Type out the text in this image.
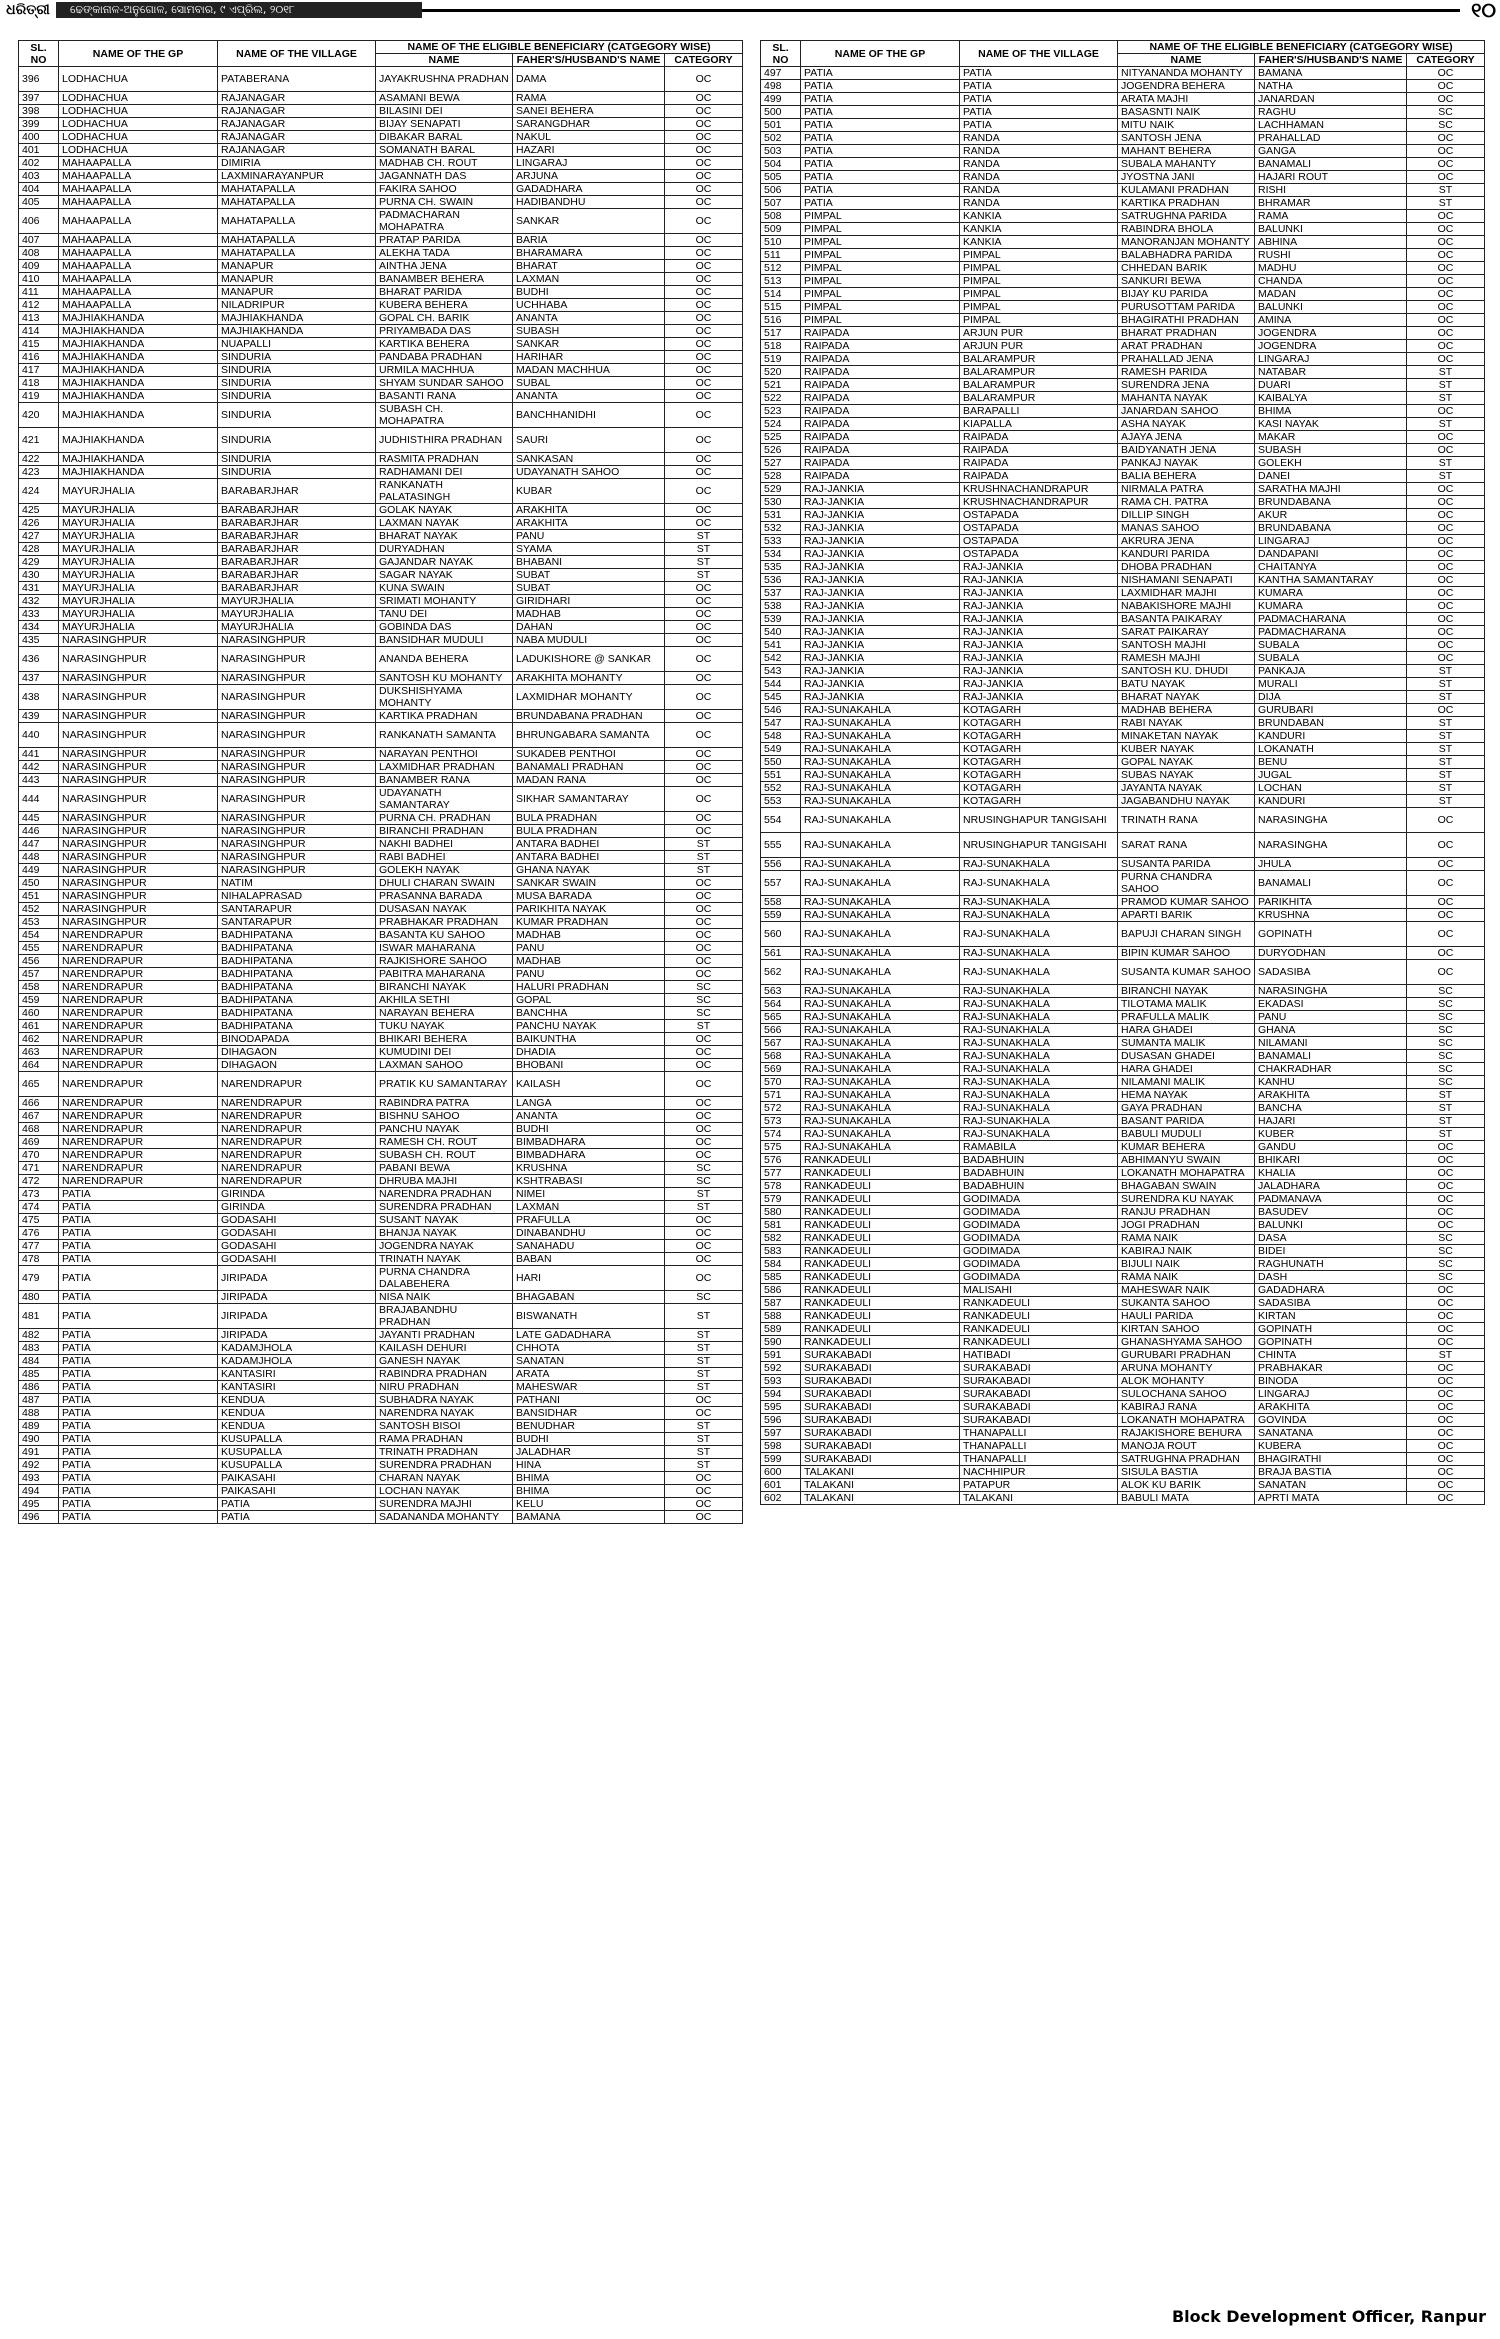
ଧରିତ୍ରୀ	ଢେଙ୍କାନାଳ-ଅନୁଗୋଳ, ସୋମବାର, ୯ ଏପ୍ରିଲ, ୨୦୧୮	୧୦
SL. NO	NAME OF THE GP	NAME OF THE VILLAGE	NAME OF THE ELIGIBLE BENEFICIARY (CATGEGORY WISE)		
			NAME	FAHER'S/HUSBAND'S NAME	CATEGORY
396	LODHACHUA	PATABERANA	JAYAKRUSHNA PRADHAN	DAMA	OC
397	LODHACHUA	RAJANAGAR	ASAMANI BEWA	RAMA	OC
398	LODHACHUA	RAJANAGAR	BILASINI DEI	SANEI BEHERA	OC
399	LODHACHUA	RAJANAGAR	BIJAY SENAPATI	SARANGDHAR	OC
400	LODHACHUA	RAJANAGAR	DIBAKAR BARAL	NAKUL	OC
401	LODHACHUA	RAJANAGAR	SOMANATH BARAL	HAZARI	OC
402	MAHAAPALLA	DIMIRIA	MADHAB CH. ROUT	LINGARAJ	OC
403	MAHAAPALLA	LAXMINARAYANPUR	JAGANNATH DAS	ARJUNA	OC
404	MAHAAPALLA	MAHATAPALLA	FAKIRA SAHOO	GADADHARA	OC
405	MAHAAPALLA	MAHATAPALLA	PURNA CH. SWAIN	HADIBANDHU	OC
406	MAHAAPALLA	MAHATAPALLA	PADMACHARAN MOHAPATRA	SANKAR	OC
407	MAHAAPALLA	MAHATAPALLA	PRATAP PARIDA	BARIA	OC
408	MAHAAPALLA	MAHATAPALLA	ALEKHA TADA	BHARAMARA	OC
409	MAHAAPALLA	MANAPUR	AINTHA JENA	BHARAT	OC
410	MAHAAPALLA	MANAPUR	BANAMBER BEHERA	LAXMAN	OC
411	MAHAAPALLA	MANAPUR	BHARAT PARIDA	BUDHI	OC
412	MAHAAPALLA	NILADRIPUR	KUBERA BEHERA	UCHHABA	OC
413	MAJHIAKHANDA	MAJHIAKHANDA	GOPAL CH. BARIK	ANANTA	OC
414	MAJHIAKHANDA	MAJHIAKHANDA	PRIYAMBADA DAS	SUBASH	OC
415	MAJHIAKHANDA	NUAPALLI	KARTIKA BEHERA	SANKAR	OC
416	MAJHIAKHANDA	SINDURIA	PANDABA PRADHAN	HARIHAR	OC
417	MAJHIAKHANDA	SINDURIA	URMILA MACHHUA	MADAN MACHHUA	OC
418	MAJHIAKHANDA	SINDURIA	SHYAM SUNDAR SAHOO	SUBAL	OC
419	MAJHIAKHANDA	SINDURIA	BASANTI RANA	ANANTA	OC
420	MAJHIAKHANDA	SINDURIA	SUBASH CH. MOHAPATRA	BANCHHANIDHI	OC
421	MAJHIAKHANDA	SINDURIA	JUDHISTHIRA PRADHAN	SAURI	OC
422	MAJHIAKHANDA	SINDURIA	RASMITA PRADHAN	SANKASAN	OC
423	MAJHIAKHANDA	SINDURIA	RADHAMANI DEI	UDAYANATH SAHOO	OC
424	MAYURJHALIA	BARABARJHAR	RANKANATH PALATASINGH	KUBAR	OC
425	MAYURJHALIA	BARABARJHAR	GOLAK NAYAK	ARAKHITA	OC
426	MAYURJHALIA	BARABARJHAR	LAXMAN NAYAK	ARAKHITA	OC
427	MAYURJHALIA	BARABARJHAR	BHARAT NAYAK	PANU	ST
428	MAYURJHALIA	BARABARJHAR	DURYADHAN	SYAMA	ST
429	MAYURJHALIA	BARABARJHAR	GAJANDAR NAYAK	BHABANI	ST
430	MAYURJHALIA	BARABARJHAR	SAGAR NAYAK	SUBAT	ST
431	MAYURJHALIA	BARABARJHAR	KUNA SWAIN	SUBAT	OC
432	MAYURJHALIA	MAYURJHALIA	SRIMATI MOHANTY	GIRIDHARI	OC
433	MAYURJHALIA	MAYURJHALIA	TANU DEI	MADHAB	OC
434	MAYURJHALIA	MAYURJHALIA	GOBINDA DAS	DAHAN	OC
435	NARASINGHPUR	NARASINGHPUR	BANSIDHAR MUDULI	NABA MUDULI	OC
436	NARASINGHPUR	NARASINGHPUR	ANANDA BEHERA	LADUKISHORE @ SANKAR	OC
437	NARASINGHPUR	NARASINGHPUR	SANTOSH KU MOHANTY	ARAKHITA MOHANTY	OC
438	NARASINGHPUR	NARASINGHPUR	DUKSHISHYAMA MOHANTY	LAXMIDHAR MOHANTY	OC
439	NARASINGHPUR	NARASINGHPUR	KARTIKA PRADHAN	BRUNDABANA PRADHAN	OC
440	NARASINGHPUR	NARASINGHPUR	RANKANATH SAMANTA	BHRUNGABARA SAMANTA	OC
441	NARASINGHPUR	NARASINGHPUR	NARAYAN PENTHOI	SUKADEB PENTHOI	OC
442	NARASINGHPUR	NARASINGHPUR	LAXMIDHAR PRADHAN	BANAMALI PRADHAN	OC
443	NARASINGHPUR	NARASINGHPUR	BANAMBER RANA	MADAN RANA	OC
444	NARASINGHPUR	NARASINGHPUR	UDAYANATH SAMANTARAY	SIKHAR SAMANTARAY	OC
445	NARASINGHPUR	NARASINGHPUR	PURNA CH. PRADHAN	BULA PRADHAN	OC
446	NARASINGHPUR	NARASINGHPUR	BIRANCHI PRADHAN	BULA PRADHAN	OC
447	NARASINGHPUR	NARASINGHPUR	NAKHI BADHEI	ANTARA BADHEI	ST
448	NARASINGHPUR	NARASINGHPUR	RABI BADHEI	ANTARA BADHEI	ST
449	NARASINGHPUR	NARASINGHPUR	GOLEKH NAYAK	GHANA NAYAK	ST
450	NARASINGHPUR	NATIM	DHULI CHARAN SWAIN	SANKAR SWAIN	OC
451	NARASINGHPUR	NIHALAPRASAD	PRASANNA BARADA	MUSA BARADA	OC
452	NARASINGHPUR	SANTARAPUR	DUSASAN NAYAK	PARIKHITA NAYAK	OC
453	NARASINGHPUR	SANTARAPUR	PRABHAKAR PRADHAN	KUMAR PRADHAN	OC
454	NARENDRAPUR	BADHIPATANA	BASANTA KU SAHOO	MADHAB	OC
455	NARENDRAPUR	BADHIPATANA	ISWAR MAHARANA	PANU	OC
456	NARENDRAPUR	BADHIPATANA	RAJKISHORE SAHOO	MADHAB	OC
457	NARENDRAPUR	BADHIPATANA	PABITRA MAHARANA	PANU	OC
458	NARENDRAPUR	BADHIPATANA	BIRANCHI NAYAK	HALURI PRADHAN	SC
459	NARENDRAPUR	BADHIPATANA	AKHILA SETHI	GOPAL	SC
460	NARENDRAPUR	BADHIPATANA	NARAYAN BEHERA	BANCHHA	SC
461	NARENDRAPUR	BADHIPATANA	TUKU NAYAK	PANCHU NAYAK	ST
462	NARENDRAPUR	BINODAPADA	BHIKARI BEHERA	BAIKUNTHA	OC
463	NARENDRAPUR	DIHAGAON	KUMUDINI DEI	DHADIA	OC
464	NARENDRAPUR	DIHAGAON	LAXMAN SAHOO	BHOBANI	OC
465	NARENDRAPUR	NARENDRAPUR	PRATIK KU SAMANTARAY	KAILASH	OC
466	NARENDRAPUR	NARENDRAPUR	RABINDRA PATRA	LANGA	OC
467	NARENDRAPUR	NARENDRAPUR	BISHNU SAHOO	ANANTA	OC
468	NARENDRAPUR	NARENDRAPUR	PANCHU NAYAK	BUDHI	OC
469	NARENDRAPUR	NARENDRAPUR	RAMESH CH. ROUT	BIMBADHARA	OC
470	NARENDRAPUR	NARENDRAPUR	SUBASH CH. ROUT	BIMBADHARA	OC
471	NARENDRAPUR	NARENDRAPUR	PABANI BEWA	KRUSHNA	SC
472	NARENDRAPUR	NARENDRAPUR	DHRUBA MAJHI	KSHTRABASI	SC
473	PATIA	GIRINDA	NARENDRA PRADHAN	NIMEI	ST
474	PATIA	GIRINDA	SURENDRA PRADHAN	LAXMAN	ST
475	PATIA	GODASAHI	SUSANT NAYAK	PRAFULLA	OC
476	PATIA	GODASAHI	BHANJA NAYAK	DINABANDHU	OC
477	PATIA	GODASAHI	JOGENDRA NAYAK	SANAHADU	OC
478	PATIA	GODASAHI	TRINATH NAYAK	BABAN	OC
479	PATIA	JIRIPADA	PURNA CHANDRA DALABEHERA	HARI	OC
480	PATIA	JIRIPADA	NISA NAIK	BHAGABAN	SC
481	PATIA	JIRIPADA	BRAJABANDHU PRADHAN	BISWANATH	ST
482	PATIA	JIRIPADA	JAYANTI PRADHAN	LATE GADADHARA	ST
483	PATIA	KADAMJHOLA	KAILASH DEHURI	CHHOTA	ST
484	PATIA	KADAMJHOLA	GANESH NAYAK	SANATAN	ST
485	PATIA	KANTASIRI	RABINDRA PRADHAN	ARATA	ST
486	PATIA	KANTASIRI	NIRU PRADHAN	MAHESWAR	ST
487	PATIA	KENDUA	SUBHADRA NAYAK	PATHANI	OC
488	PATIA	KENDUA	NARENDRA NAYAK	BANSIDHAR	OC
489	PATIA	KENDUA	SANTOSH BISOI	BENUDHAR	ST
490	PATIA	KUSUPALLA	RAMA PRADHAN	BUDHI	ST
491	PATIA	KUSUPALLA	TRINATH PRADHAN	JALADHAR	ST
492	PATIA	KUSUPALLA	SURENDRA PRADHAN	HINA	ST
493	PATIA	PAIKASAHI	CHARAN NAYAK	BHIMA	OC
494	PATIA	PAIKASAHI	LOCHAN NAYAK	BHIMA	OC
495	PATIA	PATIA	SURENDRA MAJHI	KELU	OC
496	PATIA	PATIA	SADANANDA MOHANTY	BAMANA	OC
SL. NO	NAME OF THE GP	NAME OF THE VILLAGE	NAME OF THE ELIGIBLE BENEFICIARY (CATGEGORY WISE)		
			NAME	FAHER'S/HUSBAND'S NAME	CATEGORY
497	PATIA	PATIA	NITYANANDA MOHANTY	BAMANA	OC
498	PATIA	PATIA	JOGENDRA BEHERA	NATHA	OC
499	PATIA	PATIA	ARATA MAJHI	JANARDAN	OC
500	PATIA	PATIA	BASASNTI NAIK	RAGHU	SC
501	PATIA	PATIA	MITU NAIK	LACHHAMAN	SC
502	PATIA	RANDA	SANTOSH JENA	PRAHALLAD	OC
503	PATIA	RANDA	MAHANT BEHERA	GANGA	OC
504	PATIA	RANDA	SUBALA MAHANTY	BANAMALI	OC
505	PATIA	RANDA	JYOSTNA JANI	HAJARI ROUT	OC
506	PATIA	RANDA	KULAMANI PRADHAN	RISHI	ST
507	PATIA	RANDA	KARTIKA PRADHAN	BHRAMAR	ST
508	PIMPAL	KANKIA	SATRUGHNA PARIDA	RAMA	OC
509	PIMPAL	KANKIA	RABINDRA BHOLA	BALUNKI	OC
510	PIMPAL	KANKIA	MANORANJAN MOHANTY	ABHINA	OC
511	PIMPAL	PIMPAL	BALABHADRA PARIDA	RUSHI	OC
512	PIMPAL	PIMPAL	CHHEDAN BARIK	MADHU	OC
513	PIMPAL	PIMPAL	SANKURI BEWA	CHANDA	OC
514	PIMPAL	PIMPAL	BIJAY KU PARIDA	MADAN	OC
515	PIMPAL	PIMPAL	PURUSOTTAM PARIDA	BALUNKI	OC
516	PIMPAL	PIMPAL	BHAGIRATHI PRADHAN	AMINA	OC
517	RAIPADA	ARJUN PUR	BHARAT PRADHAN	JOGENDRA	OC
518	RAIPADA	ARJUN PUR	ARAT PRADHAN	JOGENDRA	OC
519	RAIPADA	BALARAMPUR	PRAHALLAD JENA	LINGARAJ	OC
520	RAIPADA	BALARAMPUR	RAMESH PARIDA	NATABAR	ST
521	RAIPADA	BALARAMPUR	SURENDRA JENA	DUARI	ST
522	RAIPADA	BALARAMPUR	MAHANTA NAYAK	KAIBALYA	ST
523	RAIPADA	BARAPALLI	JANARDAN SAHOO	BHIMA	OC
524	RAIPADA	KIAPALLA	ASHA NAYAK	KASI NAYAK	ST
525	RAIPADA	RAIPADA	AJAYA JENA	MAKAR	OC
526	RAIPADA	RAIPADA	BAIDYANATH JENA	SUBASH	OC
527	RAIPADA	RAIPADA	PANKAJ NAYAK	GOLEKH	ST
528	RAIPADA	RAIPADA	BALIA BEHERA	DANEI	ST
529	RAJ-JANKIA	KRUSHNACHANDRAPUR	NIRMALA PATRA	SARATHA MAJHI	OC
530	RAJ-JANKIA	KRUSHNACHANDRAPUR	RAMA CH. PATRA	BRUNDABANA	OC
531	RAJ-JANKIA	OSTAPADA	DILLIP SINGH	AKUR	OC
532	RAJ-JANKIA	OSTAPADA	MANAS SAHOO	BRUNDABANA	OC
533	RAJ-JANKIA	OSTAPADA	AKRURA JENA	LINGARAJ	OC
534	RAJ-JANKIA	OSTAPADA	KANDURI PARIDA	DANDAPANI	OC
535	RAJ-JANKIA	RAJ-JANKIA	DHOBA PRADHAN	CHAITANYA	OC
536	RAJ-JANKIA	RAJ-JANKIA	NISHAMANI SENAPATI	KANTHA SAMANTARAY	OC
537	RAJ-JANKIA	RAJ-JANKIA	LAXMIDHAR MAJHI	KUMARA	OC
538	RAJ-JANKIA	RAJ-JANKIA	NABAKISHORE MAJHI	KUMARA	OC
539	RAJ-JANKIA	RAJ-JANKIA	BASANTA PAIKARAY	PADMACHARANA	OC
540	RAJ-JANKIA	RAJ-JANKIA	SARAT PAIKARAY	PADMACHARANA	OC
541	RAJ-JANKIA	RAJ-JANKIA	SANTOSH MAJHI	SUBALA	OC
542	RAJ-JANKIA	RAJ-JANKIA	RAMESH MAJHI	SUBALA	OC
543	RAJ-JANKIA	RAJ-JANKIA	SANTOSH KU. DHUDI	PANKAJA	ST
544	RAJ-JANKIA	RAJ-JANKIA	BATU NAYAK	MURALI	ST
545	RAJ-JANKIA	RAJ-JANKIA	BHARAT NAYAK	DIJA	ST
546	RAJ-SUNAKAHLA	KOTAGARH	MADHAB BEHERA	GURUBARI	OC
547	RAJ-SUNAKAHLA	KOTAGARH	RABI NAYAK	BRUNDABAN	ST
548	RAJ-SUNAKAHLA	KOTAGARH	MINAKETAN NAYAK	KANDURI	ST
549	RAJ-SUNAKAHLA	KOTAGARH	KUBER NAYAK	LOKANATH	ST
550	RAJ-SUNAKAHLA	KOTAGARH	GOPAL NAYAK	BENU	ST
551	RAJ-SUNAKAHLA	KOTAGARH	SUBAS NAYAK	JUGAL	ST
552	RAJ-SUNAKAHLA	KOTAGARH	JAYANTA NAYAK	LOCHAN	ST
553	RAJ-SUNAKAHLA	KOTAGARH	JAGABANDHU NAYAK	KANDURI	ST
554	RAJ-SUNAKAHLA	NRUSINGHAPUR TANGISAHI	TRINATH RANA	NARASINGHA	OC
555	RAJ-SUNAKAHLA	NRUSINGHAPUR TANGISAHI	SARAT RANA	NARASINGHA	OC
556	RAJ-SUNAKAHLA	RAJ-SUNAKHALA	SUSANTA PARIDA	JHULA	OC
557	RAJ-SUNAKAHLA	RAJ-SUNAKHALA	PURNA CHANDRA SAHOO	BANAMALI	OC
558	RAJ-SUNAKAHLA	RAJ-SUNAKHALA	PRAMOD KUMAR SAHOO	PARIKHITA	OC
559	RAJ-SUNAKAHLA	RAJ-SUNAKHALA	APARTI BARIK	KRUSHNA	OC
560	RAJ-SUNAKAHLA	RAJ-SUNAKHALA	BAPUJI CHARAN SINGH	GOPINATH	OC
561	RAJ-SUNAKAHLA	RAJ-SUNAKHALA	BIPIN KUMAR SAHOO	DURYODHAN	OC
562	RAJ-SUNAKAHLA	RAJ-SUNAKHALA	SUSANTA KUMAR SAHOO	SADASIBA	OC
563	RAJ-SUNAKAHLA	RAJ-SUNAKHALA	BIRANCHI NAYAK	NARASINGHA	SC
564	RAJ-SUNAKAHLA	RAJ-SUNAKHALA	TILOTAMA MALIK	EKADASI	SC
565	RAJ-SUNAKAHLA	RAJ-SUNAKHALA	PRAFULLA MALIK	PANU	SC
566	RAJ-SUNAKAHLA	RAJ-SUNAKHALA	HARA GHADEI	GHANA	SC
567	RAJ-SUNAKAHLA	RAJ-SUNAKHALA	SUMANTA MALIK	NILAMANI	SC
568	RAJ-SUNAKAHLA	RAJ-SUNAKHALA	DUSASAN GHADEI	BANAMALI	SC
569	RAJ-SUNAKAHLA	RAJ-SUNAKHALA	HARA GHADEI	CHAKRADHAR	SC
570	RAJ-SUNAKAHLA	RAJ-SUNAKHALA	NILAMANI MALIK	KANHU	SC
571	RAJ-SUNAKAHLA	RAJ-SUNAKHALA	HEMA NAYAK	ARAKHITA	ST
572	RAJ-SUNAKAHLA	RAJ-SUNAKHALA	GAYA PRADHAN	BANCHA	ST
573	RAJ-SUNAKAHLA	RAJ-SUNAKHALA	BASANT PARIDA	HAJARI	ST
574	RAJ-SUNAKAHLA	RAJ-SUNAKHALA	BABULI MUDULI	KUBER	ST
575	RAJ-SUNAKAHLA	RAMABILA	KUMAR BEHERA	GANDU	OC
576	RANKADEULI	BADABHUIN	ABHIMANYU SWAIN	BHIKARI	OC
577	RANKADEULI	BADABHUIN	LOKANATH MOHAPATRA	KHALIA	OC
578	RANKADEULI	BADABHUIN	BHAGABAN SWAIN	JALADHARA	OC
579	RANKADEULI	GODIMADA	SURENDRA KU NAYAK	PADMANAVA	OC
580	RANKADEULI	GODIMADA	RANJU PRADHAN	BASUDEV	OC
581	RANKADEULI	GODIMADA	JOGI PRADHAN	BALUNKI	OC
582	RANKADEULI	GODIMADA	RAMA NAIK	DASA	SC
583	RANKADEULI	GODIMADA	KABIRAJ NAIK	BIDEI	SC
584	RANKADEULI	GODIMADA	BIJULI NAIK	RAGHUNATH	SC
585	RANKADEULI	GODIMADA	RAMA NAIK	DASH	SC
586	RANKADEULI	MALISAHI	MAHESWAR NAIK	GADADHARA	OC
587	RANKADEULI	RANKADEULI	SUKANTA SAHOO	SADASIBA	OC
588	RANKADEULI	RANKADEULI	HAULI PARIDA	KIRTAN	OC
589	RANKADEULI	RANKADEULI	KIRTAN SAHOO	GOPINATH	OC
590	RANKADEULI	RANKADEULI	GHANASHYAMA SAHOO	GOPINATH	OC
591	SURAKABADI	HATIBADI	GURUBARI PRADHAN	CHINTA	ST
592	SURAKABADI	SURAKABADI	ARUNA MOHANTY	PRABHAKAR	OC
593	SURAKABADI	SURAKABADI	ALOK MOHANTY	BINODA	OC
594	SURAKABADI	SURAKABADI	SULOCHANA SAHOO	LINGARAJ	OC
595	SURAKABADI	SURAKABADI	KABIRAJ RANA	ARAKHITA	OC
596	SURAKABADI	SURAKABADI	LOKANATH MOHAPATRA	GOVINDA	OC
597	SURAKABADI	THANAPALLI	RAJAKISHORE BEHURA	SANATANA	OC
598	SURAKABADI	THANAPALLI	MANOJA ROUT	KUBERA	OC
599	SURAKABADI	THANAPALLI	SATRUGHNA PRADHAN	BHAGIRATHI	OC
600	TALAKANI	NACHHIPUR	SISULA BASTIA	BRAJA BASTIA	OC
601	TALAKANI	PATAPUR	ALOK KU BARIK	SANATAN	OC
602	TALAKANI	TALAKANI	BABULI MATA	APRTI MATA	OC
Block Development Officer, Ranpur
